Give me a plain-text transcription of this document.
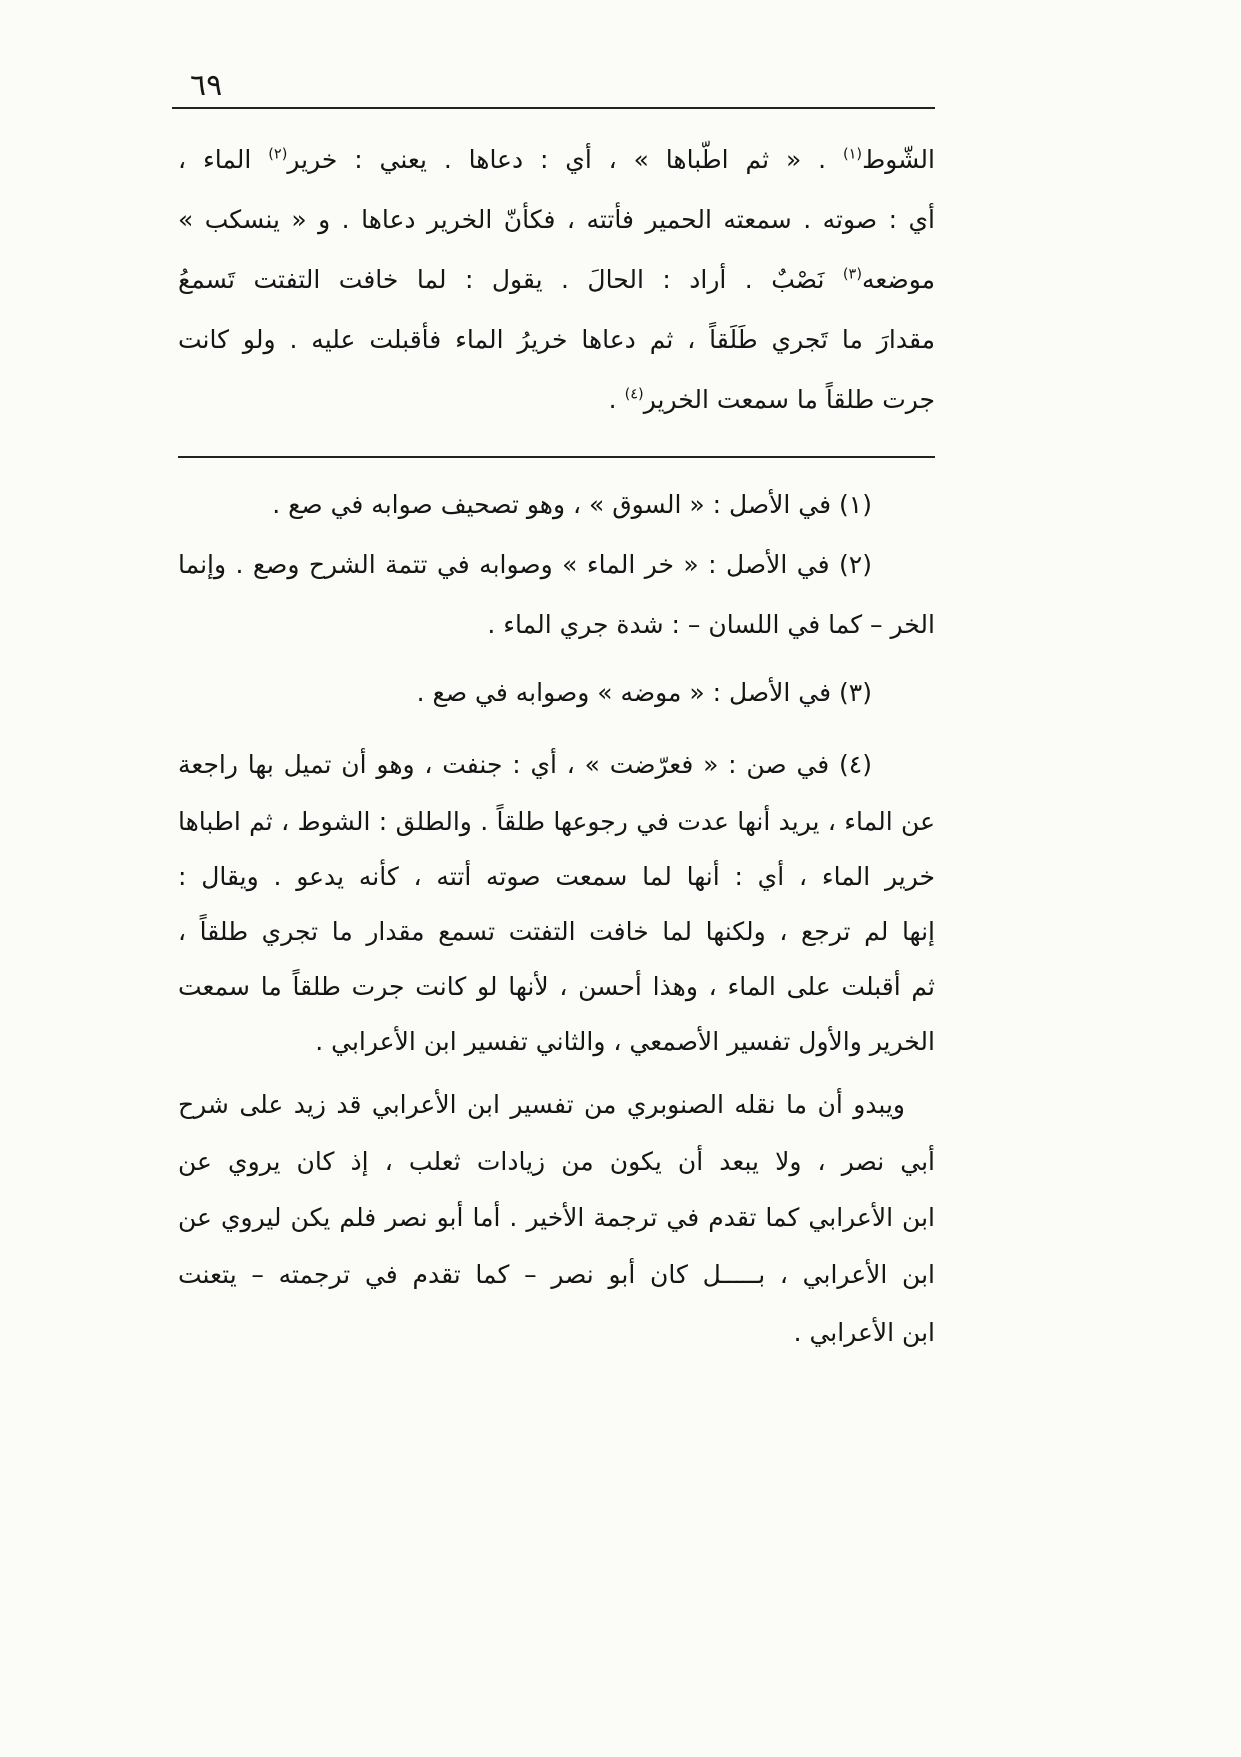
٦٩
الشّوط$^{(١)}$ . « ثم اطّباها » ، أي : دعاها . يعني : خرير$^{(٢)}$ الماء ،
أي : صوته . سمعته الحمير فأتته ، فكأنّ الخرير دعاها . و « ينسكب »
موضعه$^{(٣)}$ نَصْبٌ . أراد : الحالَ . يقول : لما خافت التفتت تَسمعُ
مقدارَ ما تَجري طَلَقاً ، ثم دعاها خريرُ الماء فأقبلت عليه . ولو كانت
جرت طلقاً ما سمعت الخرير$^{(٤)}$ .
(١) في الأصل : « السوق » ، وهو تصحيف صوابه في صع .
(٢) في الأصل : « خر الماء » وصوابه في تتمة الشرح وصع . وإنما
الخر – كما في اللسان – : شدة جري الماء .
(٣) في الأصل : « موضه » وصوابه في صع .
(٤) في صن : « فعرّضت » ، أي : جنفت ، وهو أن تميل بها راجعة
عن الماء ، يريد أنها عدت في رجوعها طلقاً . والطلق : الشوط ، ثم اطباها
خرير الماء ، أي : أنها لما سمعت صوته أتته ، كأنه يدعو . ويقال :
إنها لم ترجع ، ولكنها لما خافت التفتت تسمع مقدار ما تجري طلقاً ،
ثم أقبلت على الماء ، وهذا أحسن ، لأنها لو كانت جرت طلقاً ما سمعت
الخرير والأول تفسير الأصمعي ، والثاني تفسير ابن الأعرابي .
ويبدو أن ما نقله الصنوبري من تفسير ابن الأعرابي قد زيد على شرح
أبي نصر ، ولا يبعد أن يكون من زيادات ثعلب ، إذ كان يروي عن
ابن الأعرابي كما تقدم في ترجمة الأخير . أما أبو نصر فلم يكن ليروي عن
ابن الأعرابي ، بـــــل كان أبو نصر – كما تقدم في ترجمته – يتعنت
ابن الأعرابي .
